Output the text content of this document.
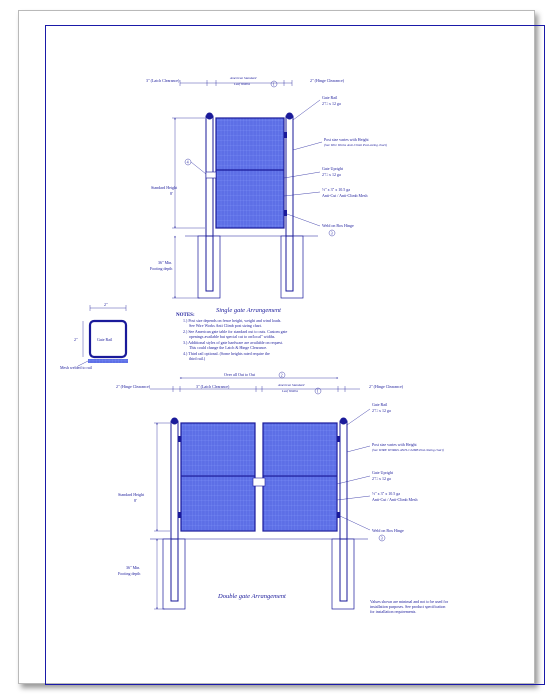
3" (Latch Clearance)	American Standard
Leaf Widths	1
2" (Hinge Clearance)
Standard Height
8'
36" Min.
Footing depth
4
Gate Rail
2"□ x 12 ga
Post size varies with Height
(See Wire Works Anti-Climb Post-sizing chart)
Gate Upright
2"□ x 12 ga
½" x 3" x 10.5 ga
Anti-Cut / Anti-Climb Mesh
Weld on Box Hinge
3
Single gate Arrangement
2"
2"	Gate Rail
Mesh welded to rail
NOTES:
1.) Post size depends on fence height, weight and wind loads.
See Wire Works Anti Climb post sizing chart.
2.) See American gate table for standard out to outs. Custom gate
openings available but special cut to on/local" widths.
3.) Additional styles of gate hardware are available on request.
This could change the Latch & Hinge Clearance.
4.) Third rail optional. (Some heights rated require the
third rail.)
Over all Out to Out	2
2" (Hinge Clearance)	3" (Latch Clearance)	American Standard
Leaf Widths	1
2" (Hinge Clearance)
Standard Height
8'
36" Min.
Footing depth
Gate Rail
2"□ x 12 ga
Post size varies with Height
(See WIRE WORKS ANTI-CLIMB Post-Sizing chart)
Gate Upright
2"□ x 12 ga
½" x 3" x 10.5 ga
Anti-Cut / Anti-Climb Mesh
Weld on Box Hinge
3
Double gate Arrangement
Values shown are minimal and not to be used for
installation purposes. See product specification
for installation requirements.
